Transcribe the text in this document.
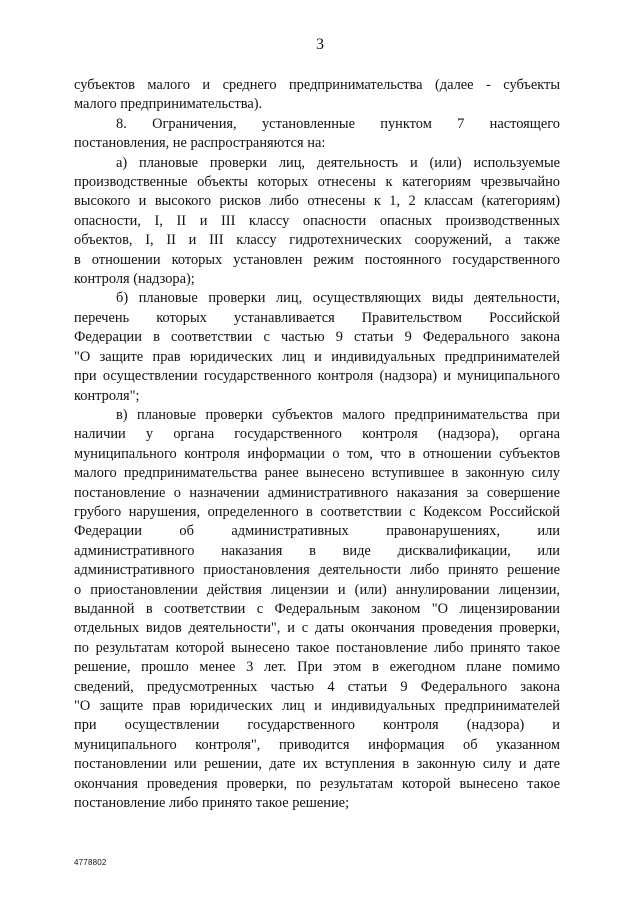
3

субъектов малого и среднего предпринимательства (далее - субъекты
малого предпринимательства).

8. Ограничения, установленные пунктом 7 настоящего
постановления, не распространяются на:

а) плановые проверки лиц, деятельность и (или) используемые
производственные объекты которых отнесены к категориям чрезвычайно
высокого и высокого рисков либо отнесены к 1, 2 классам (категориям)
опасности, I, II и III классу опасности опасных производственных
объектов, I, II и III классу гидротехнических сооружений, а также
в отношении которых установлен режим постоянного государственного
контроля (надзора);

б) плановые проверки лиц, осуществляющих виды деятельности,
перечень которых устанавливается Правительством Российской
Федерации в соответствии с частью 9 статьи 9 Федерального закона
"О защите прав юридических лиц и индивидуальных предпринимателей
при осуществлении государственного контроля (надзора) и муниципального
контроля";

в) плановые проверки субъектов малого предпринимательства при
наличии у органа государственного контроля (надзора), органа
муниципального контроля информации о том, что в отношении субъектов
малого предпринимательства ранее вынесено вступившее в законную силу
постановление о назначении административного наказания за совершение
грубого нарушения, определенного в соответствии с Кодексом Российской
Федерации об административных правонарушениях, или
административного наказания в виде дисквалификации, или
административного приостановления деятельности либо принято решение
о приостановлении действия лицензии и (или) аннулировании лицензии,
выданной в соответствии с Федеральным законом "О лицензировании
отдельных видов деятельности", и с даты окончания проведения проверки,
по результатам которой вынесено такое постановление либо принято такое
решение, прошло менее 3 лет. При этом в ежегодном плане помимо
сведений, предусмотренных частью 4 статьи 9 Федерального закона
"О защите прав юридических лиц и индивидуальных предпринимателей
при осуществлении государственного контроля (надзора) и
муниципального контроля", приводится информация об указанном
постановлении или решении, дате их вступления в законную силу и дате
окончания проведения проверки, по результатам которой вынесено такое
постановление либо принято такое решение;

4778802
